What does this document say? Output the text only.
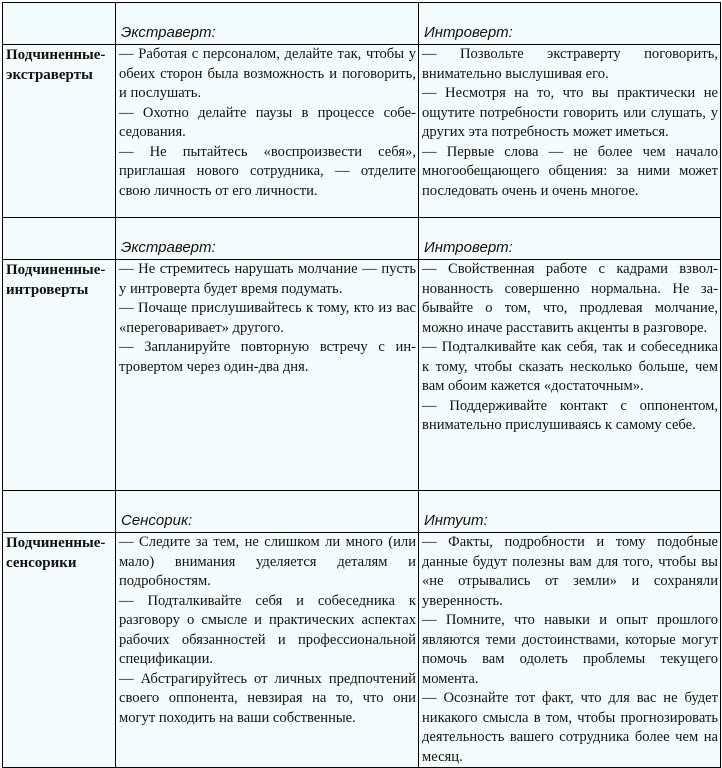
	Экстраверт:	Интроверт:

Подчиненные-
экстраверты

— Работая с персоналом, делайте так, чтобы у обеих сторон была возможность и поговорить, и послушать.
— Охотно делайте паузы в процессе собеседования.
— Не пытайтесь «воспроизвести себя», приглашая нового сотрудника, — отделите свою личность от его личности.

— Позвольте экстраверту поговорить, внимательно выслушивая его.
— Несмотря на то, что вы практически не ощутите потребности говорить или слушать, у других эта потребность может иметься.
— Первые слова — не более чем начало многообещающего общения: за ними может последовать очень и очень многое.

	Экстраверт:	Интроверт:

Подчиненные-
интроверты

— Не стремитесь нарушать молчание — пусть у интроверта будет время подумать.
— Почаще прислушивайтесь к тому, кто из вас «переговаривает» другого.
— Запланируйте повторную встречу с интровертом через один-два дня.

— Свойственная работе с кадрами взволнованность совершенно нормальна. Не забывайте о том, что, продлевая молчание, можно иначе расставить акценты в разговоре.
— Подталкивайте как себя, так и собеседника к тому, чтобы сказать несколько больше, чем вам обоим кажется «достаточным».
— Поддерживайте контакт с оппонентом, внимательно прислушиваясь к самому себе.

	Сенсорик:	Интуит:

Подчиненные-
сенсорики

— Следите за тем, не слишком ли много (или мало) внимания уделяется деталям и подробностям.
— Подталкивайте себя и собеседника к разговору о смысле и практических аспектах рабочих обязанностей и профессиональной спецификации.
— Абстрагируйтесь от личных предпочтений своего оппонента, невзирая на то, что они могут походить на ваши собственные.

— Факты, подробности и тому подобные данные будут полезны вам для того, чтобы вы «не отрывались от земли» и сохраняли уверенность.
— Помните, что навыки и опыт прошлого являются теми достоинствами, которые могут помочь вам одолеть проблемы текущего момента.
— Осознайте тот факт, что для вас не будет никакого смысла в том, чтобы прогнозировать деятельность вашего сотрудника более чем на месяц.
